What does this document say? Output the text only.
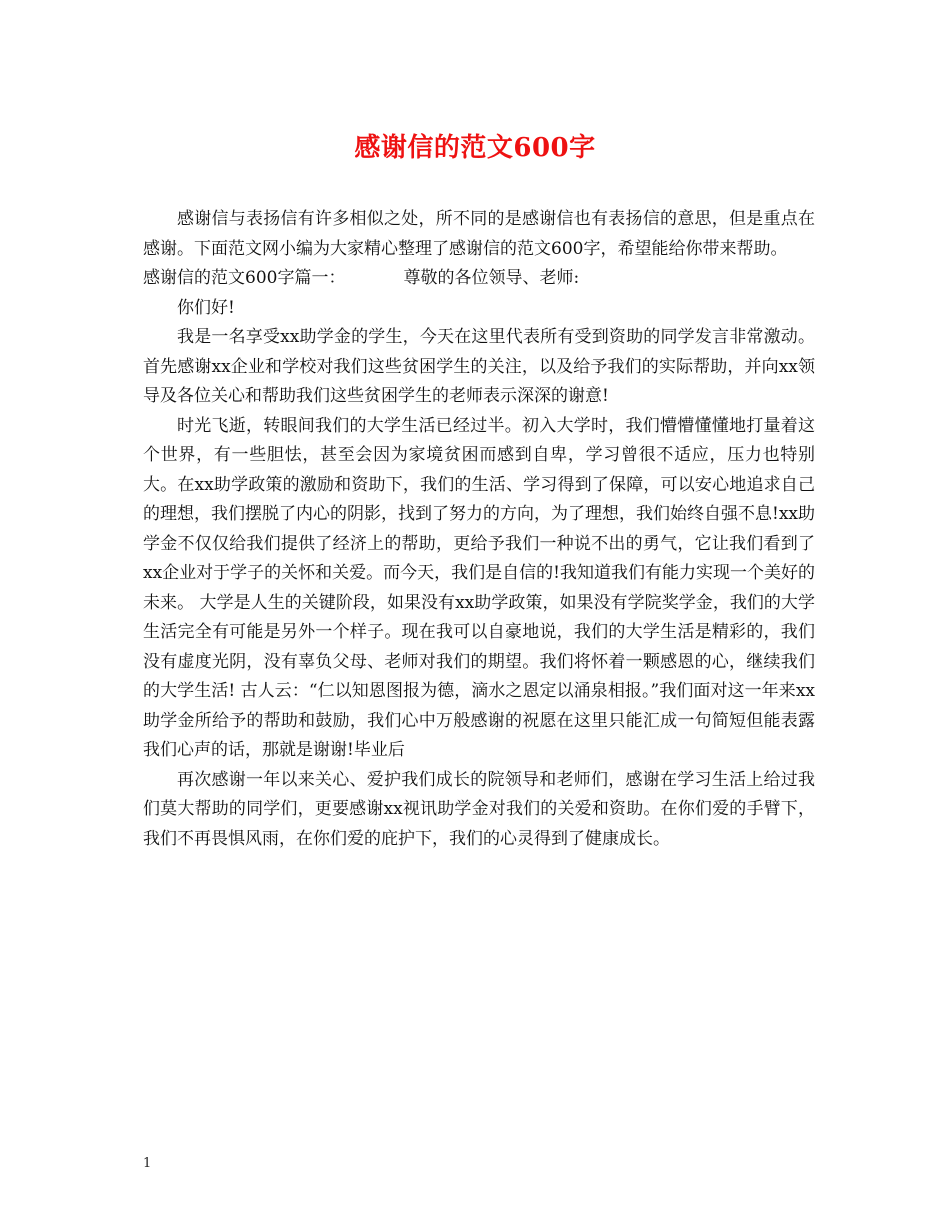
感谢信的范文600字

感谢信与表扬信有许多相似之处，所不同的是感谢信也有表扬信的意思，但是重点在感谢。下面范文网小编为大家精心整理了感谢信的范文600字，希望能给你带来帮助。

感谢信的范文600字篇一：	尊敬的各位领导、老师:

你们好!

我是一名享受xx助学金的学生，今天在这里代表所有受到资助的同学发言非常激动。首先感谢xx企业和学校对我们这些贫困学生的关注，以及给予我们的实际帮助，并向xx领导及各位关心和帮助我们这些贫困学生的老师表示深深的谢意!

时光飞逝，转眼间我们的大学生活已经过半。初入大学时，我们懵懵懂懂地打量着这个世界，有一些胆怯，甚至会因为家境贫困而感到自卑，学习曾很不适应，压力也特别大。在xx助学政策的激励和资助下，我们的生活、学习得到了保障，可以安心地追求自己的理想，我们摆脱了内心的阴影，找到了努力的方向，为了理想，我们始终自强不息!xx助学金不仅仅给我们提供了经济上的帮助，更给予我们一种说不出的勇气，它让我们看到了xx企业对于学子的关怀和关爱。而今天，我们是自信的!我知道我们有能力实现一个美好的未来。 大学是人生的关键阶段，如果没有xx助学政策，如果没有学院奖学金，我们的大学生活完全有可能是另外一个样子。现在我可以自豪地说，我们的大学生活是精彩的，我们没有虚度光阴，没有辜负父母、老师对我们的期望。我们将怀着一颗感恩的心，继续我们的大学生活! 古人云：“仁以知恩图报为德，滴水之恩定以涌泉相报。”我们面对这一年来xx助学金所给予的帮助和鼓励，我们心中万般感谢的祝愿在这里只能汇成一句简短但能表露我们心声的话，那就是谢谢!毕业后

再次感谢一年以来关心、爱护我们成长的院领导和老师们，感谢在学习生活上给过我们莫大帮助的同学们，更要感谢xx视讯助学金对我们的关爱和资助。在你们爱的手臂下，我们不再畏惧风雨，在你们爱的庇护下，我们的心灵得到了健康成长。

1
